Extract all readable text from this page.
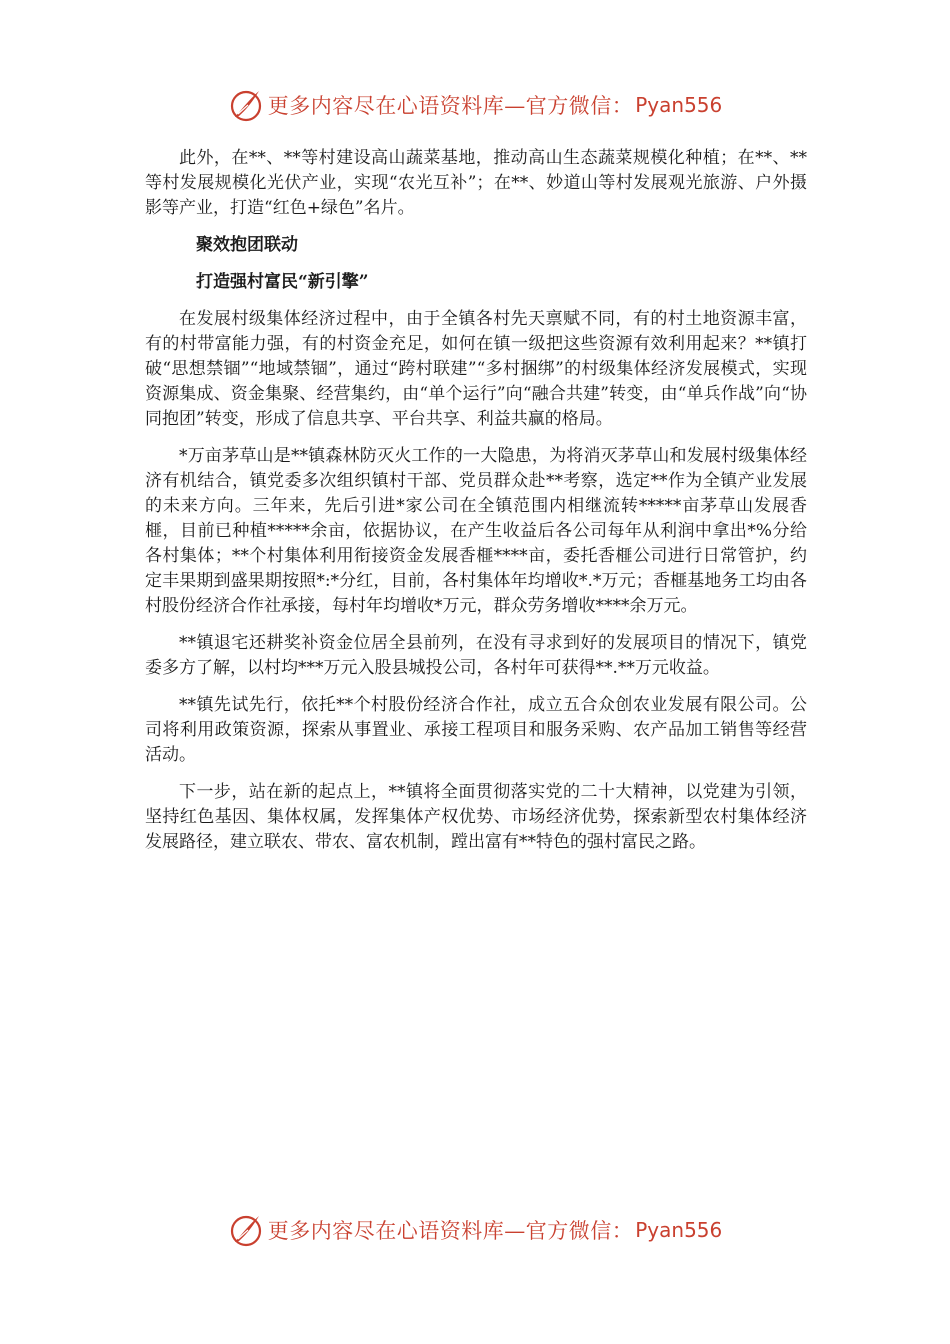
更多内容尽在心语资料库—官方微信： Pyan556

此外，在**、**等村建设高山蔬菜基地，推动高山生态蔬菜规模化种植；在**、**等村发展规模化光伏产业，实现“农光互补”；在**、妙道山等村发展观光旅游、户外摄影等产业，打造“红色+绿色”名片。

聚效抱团联动

打造强村富民“新引擎”

在发展村级集体经济过程中，由于全镇各村先天禀赋不同，有的村土地资源丰富，有的村带富能力强，有的村资金充足，如何在镇一级把这些资源有效利用起来？**镇打破“思想禁锢”“地域禁锢”，通过“跨村联建”“多村捆绑”的村级集体经济发展模式，实现资源集成、资金集聚、经营集约，由“单个运行”向“融合共建”转变，由“单兵作战”向“协同抱团”转变，形成了信息共享、平台共享、利益共赢的格局。

*万亩茅草山是**镇森林防灭火工作的一大隐患，为将消灭茅草山和发展村级集体经济有机结合，镇党委多次组织镇村干部、党员群众赴**考察，选定**作为全镇产业发展的未来方向。三年来，先后引进*家公司在全镇范围内相继流转*****亩茅草山发展香榧，目前已种植*****余亩，依据协议，在产生收益后各公司每年从利润中拿出*%分给各村集体；**个村集体利用衔接资金发展香榧****亩，委托香榧公司进行日常管护，约定丰果期到盛果期按照*:*分红，目前，各村集体年均增收*.*万元；香榧基地务工均由各村股份经济合作社承接，每村年均增收*万元，群众劳务增收****余万元。

**镇退宅还耕奖补资金位居全县前列，在没有寻求到好的发展项目的情况下，镇党委多方了解，以村均***万元入股县城投公司，各村年可获得**.**万元收益。

**镇先试先行，依托**个村股份经济合作社，成立五合众创农业发展有限公司。公司将利用政策资源，探索从事置业、承接工程项目和服务采购、农产品加工销售等经营活动。

下一步，站在新的起点上，**镇将全面贯彻落实党的二十大精神，以党建为引领，坚持红色基因、集体权属，发挥集体产权优势、市场经济优势，探索新型农村集体经济发展路径，建立联农、带农、富农机制，蹚出富有**特色的强村富民之路。

更多内容尽在心语资料库—官方微信： Pyan556
